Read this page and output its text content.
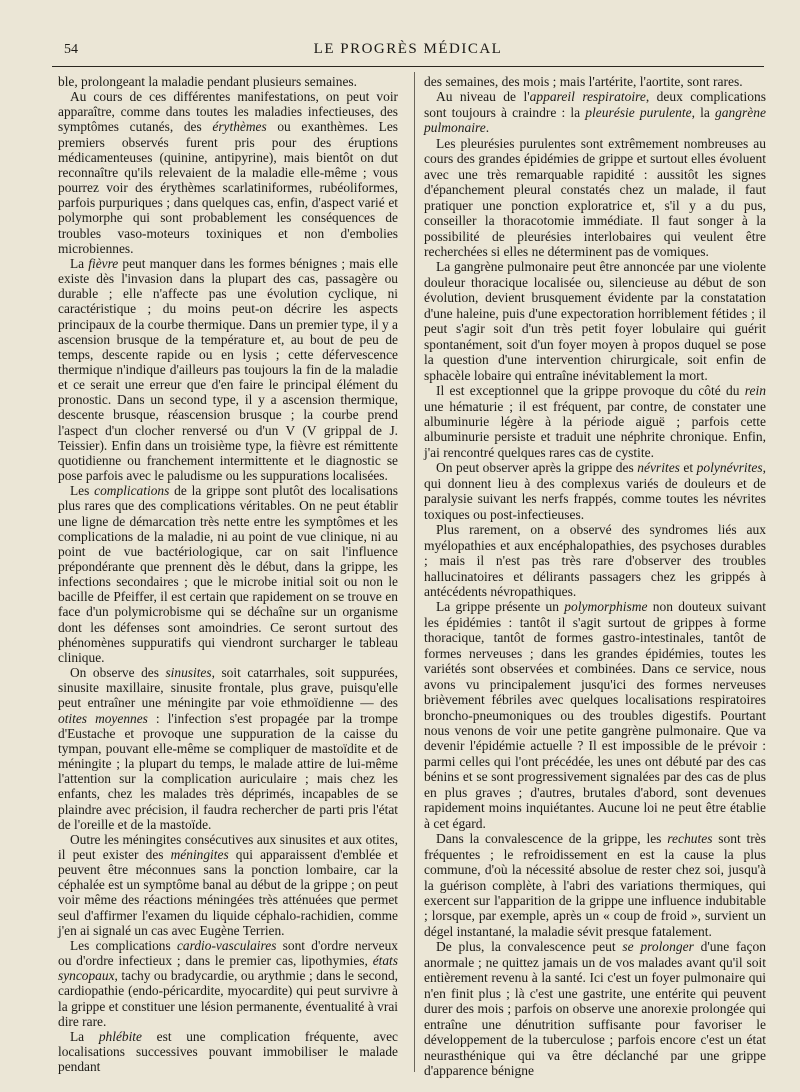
54	LE PROGRÈS MÉDICAL

ble, prolongeant la maladie pendant plusieurs semaines.

Au cours de ces différentes manifestations, on peut voir apparaître, comme dans toutes les maladies infectieuses, des symptômes cutanés, des érythèmes ou exanthèmes. Les premiers observés furent pris pour des éruptions médicamenteuses (quinine, antipyrine), mais bientôt on dut reconnaître qu'ils relevaient de la maladie elle-même ; vous pourrez voir des érythèmes scarlatiniformes, rubéoliformes, parfois purpuriques ; dans quelques cas, enfin, d'aspect varié et polymorphe qui sont probablement les conséquences de troubles vaso-moteurs toxiniques et non d'embolies microbiennes.

La fièvre peut manquer dans les formes bénignes ; mais elle existe dès l'invasion dans la plupart des cas, passagère ou durable ; elle n'affecte pas une évolution cyclique, ni caractéristique ; du moins peut-on décrire les aspects principaux de la courbe thermique. Dans un premier type, il y a ascension brusque de la température et, au bout de peu de temps, descente rapide ou en lysis ; cette défervescence thermique n'indique d'ailleurs pas toujours la fin de la maladie et ce serait une erreur que d'en faire le principal élément du pronostic. Dans un second type, il y a ascension thermique, descente brusque, réascension brusque ; la courbe prend l'aspect d'un clocher renversé ou d'un V (V grippal de J. Teissier). Enfin dans un troisième type, la fièvre est rémittente quotidienne ou franchement intermittente et le diagnostic se pose parfois avec le paludisme ou les suppurations localisées.

Les complications de la grippe sont plutôt des localisations plus rares que des complications véritables. On ne peut établir une ligne de démarcation très nette entre les symptômes et les complications de la maladie, ni au point de vue clinique, ni au point de vue bactériologique, car on sait l'influence prépondérante que prennent dès le début, dans la grippe, les infections secondaires ; que le microbe initial soit ou non le bacille de Pfeiffer, il est certain que rapidement on se trouve en face d'un polymicrobisme qui se déchaîne sur un organisme dont les défenses sont amoindries. Ce seront surtout des phénomènes suppuratifs qui viendront surcharger le tableau clinique.

On observe des sinusites, soit catarrhales, soit suppurées, sinusite maxillaire, sinusite frontale, plus grave, puisqu'elle peut entraîner une méningite par voie ethmoïdienne — des otites moyennes : l'infection s'est propagée par la trompe d'Eustache et provoque une suppuration de la caisse du tympan, pouvant elle-même se compliquer de mastoïdite et de méningite ; la plupart du temps, le malade attire de lui-même l'attention sur la complication auriculaire ; mais chez les enfants, chez les malades très déprimés, incapables de se plaindre avec précision, il faudra rechercher de parti pris l'état de l'oreille et de la mastoïde.

Outre les méningites consécutives aux sinusites et aux otites, il peut exister des méningites qui apparaissent d'emblée et peuvent être méconnues sans la ponction lombaire, car la céphalée est un symptôme banal au début de la grippe ; on peut voir même des réactions méningées très atténuées que permet seul d'affirmer l'examen du liquide céphalo-rachidien, comme j'en ai signalé un cas avec Eugène Terrien.

Les complications cardio-vasculaires sont d'ordre nerveux ou d'ordre infectieux ; dans le premier cas, lipothymies, états syncopaux, tachy ou bradycardie, ou arythmie ; dans le second, cardiopathie (endo-péricardite, myocardite) qui peut survivre à la grippe et constituer une lésion permanente, éventualité à vrai dire rare.

La phlébite est une complication fréquente, avec localisations successives pouvant immobiliser le malade pendant

des semaines, des mois ; mais l'artérite, l'aortite, sont rares.

Au niveau de l'appareil respiratoire, deux complications sont toujours à craindre : la pleurésie purulente, la gangrène pulmonaire.

Les pleurésies purulentes sont extrêmement nombreuses au cours des grandes épidémies de grippe et surtout elles évoluent avec une très remarquable rapidité : aussitôt les signes d'épanchement pleural constatés chez un malade, il faut pratiquer une ponction exploratrice et, s'il y a du pus, conseiller la thoracotomie immédiate. Il faut songer à la possibilité de pleurésies interlobaires qui veulent être recherchées si elles ne déterminent pas de vomiques.

La gangrène pulmonaire peut être annoncée par une violente douleur thoracique localisée ou, silencieuse au début de son évolution, devient brusquement évidente par la constatation d'une haleine, puis d'une expectoration horriblement fétides ; il peut s'agir soit d'un très petit foyer lobulaire qui guérit spontanément, soit d'un foyer moyen à propos duquel se pose la question d'une intervention chirurgicale, soit enfin de sphacèle lobaire qui entraîne inévitablement la mort.

Il est exceptionnel que la grippe provoque du côté du rein une hématurie ; il est fréquent, par contre, de constater une albuminurie légère à la période aiguë ; parfois cette albuminurie persiste et traduit une néphrite chronique. Enfin, j'ai rencontré quelques rares cas de cystite.

On peut observer après la grippe des névrites et polynévrites, qui donnent lieu à des complexus variés de douleurs et de paralysie suivant les nerfs frappés, comme toutes les névrites toxiques ou post-infectieuses.

Plus rarement, on a observé des syndromes liés aux myélopathies et aux encéphalopathies, des psychoses durables ; mais il n'est pas très rare d'observer des troubles hallucinatoires et délirants passagers chez les grippés à antécédents névropathiques.

La grippe présente un polymorphisme non douteux suivant les épidémies : tantôt il s'agit surtout de grippes à forme thoracique, tantôt de formes gastro-intestinales, tantôt de formes nerveuses ; dans les grandes épidémies, toutes les variétés sont observées et combinées. Dans ce service, nous avons vu principalement jusqu'ici des formes nerveuses brièvement fébriles avec quelques localisations respiratoires broncho-pneumoniques ou des troubles digestifs. Pourtant nous venons de voir une petite gangrène pulmonaire. Que va devenir l'épidémie actuelle ? Il est impossible de le prévoir : parmi celles qui l'ont précédée, les unes ont débuté par des cas bénins et se sont progressivement signalées par des cas de plus en plus graves ; d'autres, brutales d'abord, sont devenues rapidement moins inquiétantes. Aucune loi ne peut être établie à cet égard.

Dans la convalescence de la grippe, les rechutes sont très fréquentes ; le refroidissement en est la cause la plus commune, d'où la nécessité absolue de rester chez soi, jusqu'à la guérison complète, à l'abri des variations thermiques, qui exercent sur l'apparition de la grippe une influence indubitable ; lorsque, par exemple, après un « coup de froid », survient un dégel instantané, la maladie sévit presque fatalement.

De plus, la convalescence peut se prolonger d'une façon anormale ; ne quittez jamais un de vos malades avant qu'il soit entièrement revenu à la santé. Ici c'est un foyer pulmonaire qui n'en finit plus ; là c'est une gastrite, une entérite qui peuvent durer des mois ; parfois on observe une anorexie prolongée qui entraîne une dénutrition suffisante pour favoriser le développement de la tuberculose ; parfois encore c'est un état neurasthénique qui va être déclanché par une grippe d'apparence bénigne
